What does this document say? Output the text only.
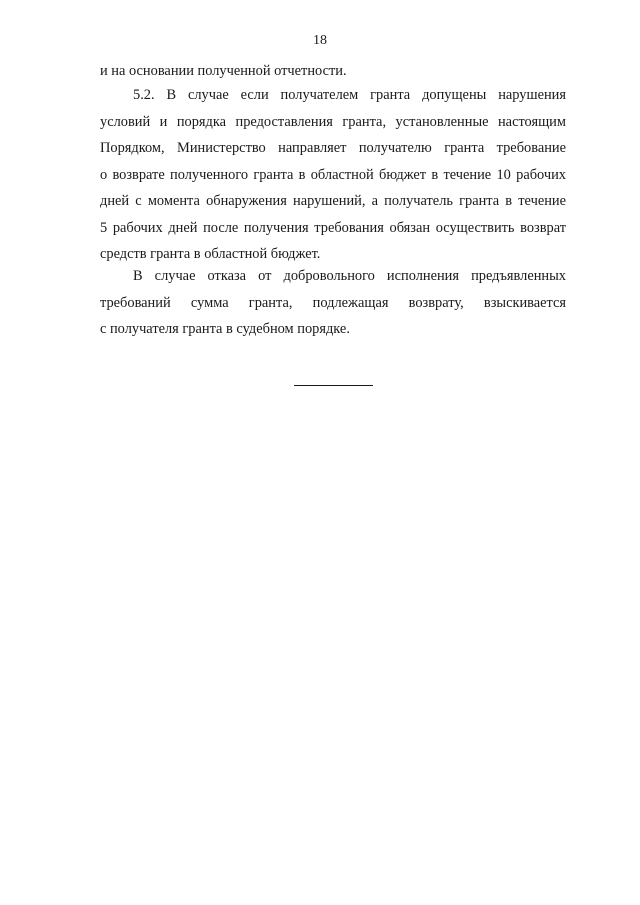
18
и на основании полученной отчетности.
5.2. В случае если получателем гранта допущены нарушения
условий и порядка предоставления гранта, установленные настоящим
Порядком, Министерство направляет получателю гранта требование
о возврате полученного гранта в областной бюджет в течение 10 рабочих
дней с момента обнаружения нарушений, а получатель гранта в течение
5 рабочих дней после получения требования обязан осуществить возврат
средств гранта в областной бюджет.
В случае отказа от добровольного исполнения предъявленных
требований сумма гранта, подлежащая возврату, взыскивается
с получателя гранта в судебном порядке.
